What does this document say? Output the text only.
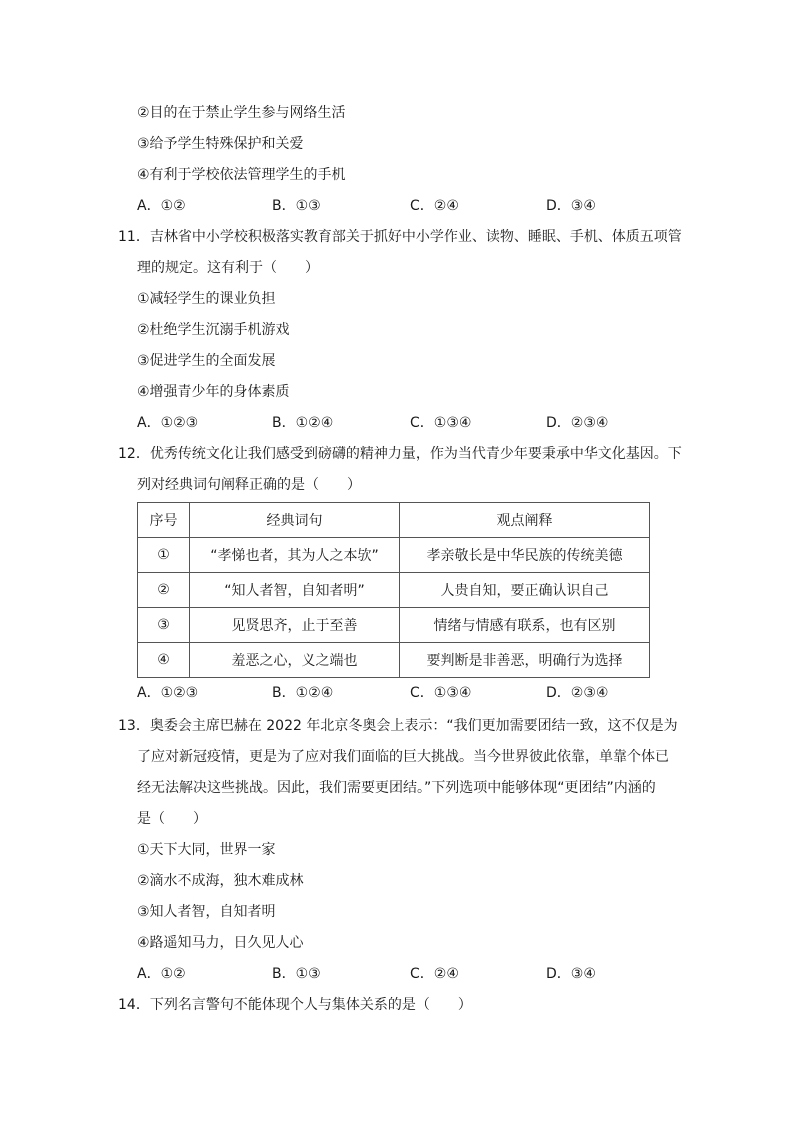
②目的在于禁止学生参与网络生活
③给予学生特殊保护和关爱
④有利于学校依法管理学生的手机
A．①②	B．①③	C．②④	D．③④
11．吉林省中小学校积极落实教育部关于抓好中小学作业、读物、睡眠、手机、体质五项管
理的规定。这有利于（　　）
①减轻学生的课业负担
②杜绝学生沉溺手机游戏
③促进学生的全面发展
④增强青少年的身体素质
A．①②③	B．①②④	C．①③④	D．②③④
12．优秀传统文化让我们感受到磅礴的精神力量，作为当代青少年要秉承中华文化基因。下
列对经典词句阐释正确的是（　　）
序号	经典词句	观点阐释
①	“孝悌也者，其为人之本欤”	孝亲敬长是中华民族的传统美德
②	“知人者智，自知者明”	人贵自知，要正确认识自己
③	见贤思齐，止于至善	情绪与情感有联系，也有区别
④	羞恶之心，义之端也	要判断是非善恶，明确行为选择
A．①②③	B．①②④	C．①③④	D．②③④
13．奥委会主席巴赫在 2022 年北京冬奥会上表示：“我们更加需要团结一致，这不仅是为
了应对新冠疫情，更是为了应对我们面临的巨大挑战。当今世界彼此依靠，单靠个体已
经无法解决这些挑战。因此，我们需要更团结。”下列选项中能够体现“更团结”内涵的
是（　　）
①天下大同，世界一家
②滴水不成海，独木难成林
③知人者智，自知者明
④路遥知马力，日久见人心
A．①②	B．①③	C．②④	D．③④
14．下列名言警句不能体现个人与集体关系的是（　　）
